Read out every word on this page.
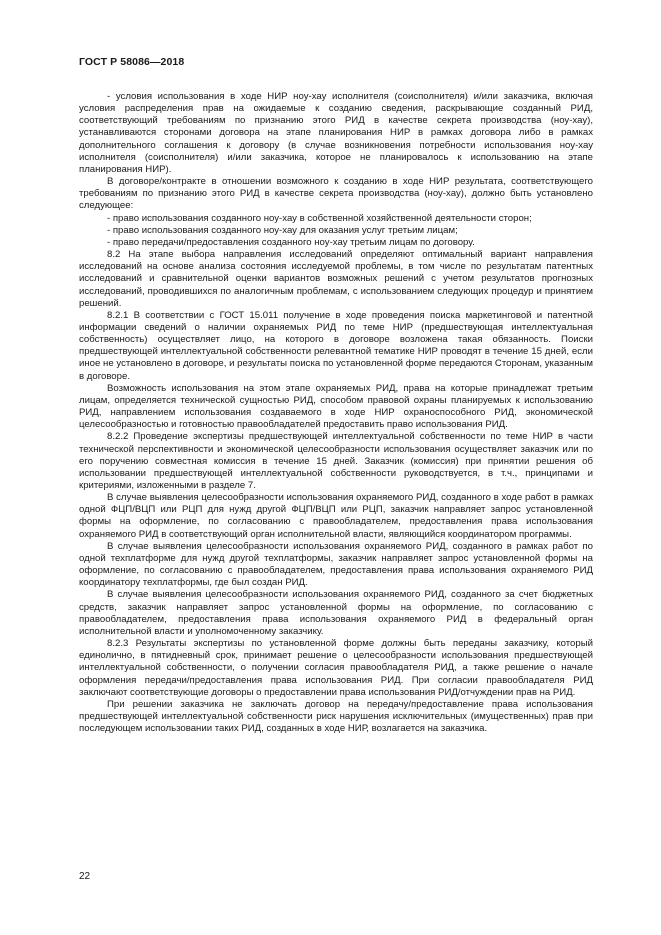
ГОСТ Р 58086—2018

- условия использования в ходе НИР ноу-хау исполнителя (соисполнителя) и/или заказчика, включая условия распределения прав на ожидаемые к созданию сведения, раскрывающие созданный РИД, соответствующий требованиям по признанию этого РИД в качестве секрета производства (ноу-хау), устанавливаются сторонами договора на этапе планирования НИР в рамках договора либо в рамках дополнительного соглашения к договору (в случае возникновения потребности использования ноу-хау исполнителя (соисполнителя) и/или заказчика, которое не планировалось к использованию на этапе планирования НИР).

В договоре/контракте в отношении возможного к созданию в ходе НИР результата, соответствующего требованиям по признанию этого РИД в качестве секрета производства (ноу-хау), должно быть установлено следующее:

- право использования созданного ноу-хау в собственной хозяйственной деятельности сторон;

- право использования созданного ноу-хау для оказания услуг третьим лицам;

- право передачи/предоставления созданного ноу-хау третьим лицам по договору.

8.2 На этапе выбора направления исследований определяют оптимальный вариант направления исследований на основе анализа состояния исследуемой проблемы, в том числе по результатам патентных исследований и сравнительной оценки вариантов возможных решений с учетом результатов прогнозных исследований, проводившихся по аналогичным проблемам, с использованием следующих процедур и принятием решений.

8.2.1 В соответствии с ГОСТ 15.011 получение в ходе проведения поиска маркетинговой и патентной информации сведений о наличии охраняемых РИД по теме НИР (предшествующая интеллектуальная собственность) осуществляет лицо, на которого в договоре возложена такая обязанность. Поиски предшествующей интеллектуальной собственности релевантной тематике НИР проводят в течение 15 дней, если иное не установлено в договоре, и результаты поиска по установленной форме передаются Сторонам, указанным в договоре.

Возможность использования на этом этапе охраняемых РИД, права на которые принадлежат третьим лицам, определяется технической сущностью РИД, способом правовой охраны планируемых к использованию РИД, направлением использования создаваемого в ходе НИР охраноспособного РИД, экономической целесообразностью и готовностью правообладателей предоставить право использования РИД.

8.2.2 Проведение экспертизы предшествующей интеллектуальной собственности по теме НИР в части технической перспективности и экономической целесообразности использования осуществляет заказчик или по его поручению совместная комиссия в течение 15 дней. Заказчик (комиссия) при принятии решения об использовании предшествующей интеллектуальной собственности руководствуется, в т.ч., принципами и критериями, изложенными в разделе 7.

В случае выявления целесообразности использования охраняемого РИД, созданного в ходе работ в рамках одной ФЦП/ВЦП или РЦП для нужд другой ФЦП/ВЦП или РЦП, заказчик направляет запрос установленной формы на оформление, по согласованию с правообладателем, предоставления права использования охраняемого РИД в соответствующий орган исполнительной власти, являющийся координатором программы.

В случае выявления целесообразности использования охраняемого РИД, созданного в рамках работ по одной техплатформе для нужд другой техплатформы, заказчик направляет запрос установленной формы на оформление, по согласованию с правообладателем, предоставления права использования охраняемого РИД координатору техплатформы, где был создан РИД.

В случае выявления целесообразности использования охраняемого РИД, созданного за счет бюджетных средств, заказчик направляет запрос установленной формы на оформление, по согласованию с правообладателем, предоставления права использования охраняемого РИД в федеральный орган исполнительной власти и уполномоченному заказчику.

8.2.3 Результаты экспертизы по установленной форме должны быть переданы заказчику, который единолично, в пятидневный срок, принимает решение о целесообразности использования предшествующей интеллектуальной собственности, о получении согласия правообладателя РИД, а также решение о начале оформления передачи/предоставления права использования РИД. При согласии правообладателя РИД заключают соответствующие договоры о предоставлении права использования РИД/отчуждении прав на РИД.

При решении заказчика не заключать договор на передачу/предоставление права использования предшествующей интеллектуальной собственности риск нарушения исключительных (имущественных) прав при последующем использовании таких РИД, созданных в ходе НИР, возлагается на заказчика.

22
